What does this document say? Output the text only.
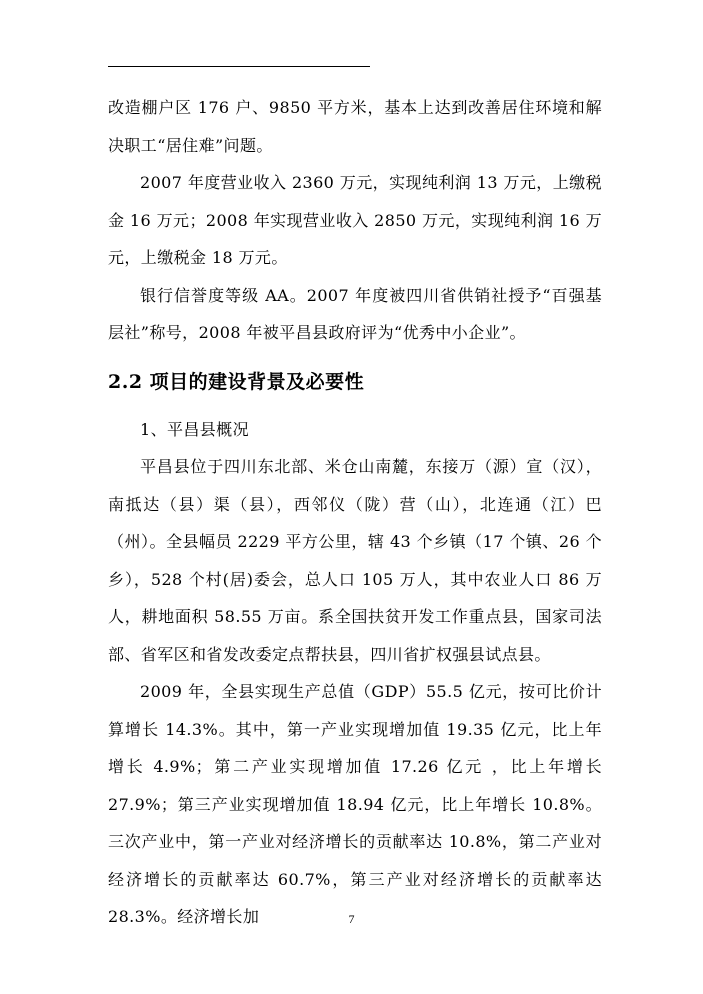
改造棚户区 176 户、9850 平方米，基本上达到改善居住环境和解决职工“居住难”问题。

2007 年度营业收入 2360 万元，实现纯利润 13 万元，上缴税金 16 万元；2008 年实现营业收入 2850 万元，实现纯利润 16 万元，上缴税金 18 万元。

银行信誉度等级 AA。2007 年度被四川省供销社授予“百强基层社”称号，2008 年被平昌县政府评为“优秀中小企业”。

2.2 项目的建设背景及必要性

1、平昌县概况

平昌县位于四川东北部、米仓山南麓，东接万（源）宣（汉），南抵达（县）渠（县），西邻仪（陇）营（山），北连通（江）巴（州）。全县幅员 2229 平方公里，辖 43 个乡镇（17 个镇、26 个乡），528 个村(居)委会，总人口 105 万人，其中农业人口 86 万人，耕地面积 58.55 万亩。系全国扶贫开发工作重点县，国家司法部、省军区和省发改委定点帮扶县，四川省扩权强县试点县。

2009 年，全县实现生产总值（GDP）55.5 亿元，按可比价计算增长 14.3%。其中，第一产业实现增加值 19.35 亿元，比上年增长 4.9%；第二产业实现增加值 17.26 亿元 ，比上年增长 27.9%；第三产业实现增加值 18.94 亿元，比上年增长 10.8%。三次产业中，第一产业对经济增长的贡献率达 10.8%，第二产业对经济增长的贡献率达 60.7%，第三产业对经济增长的贡献率达 28.3%。经济增长加	7
